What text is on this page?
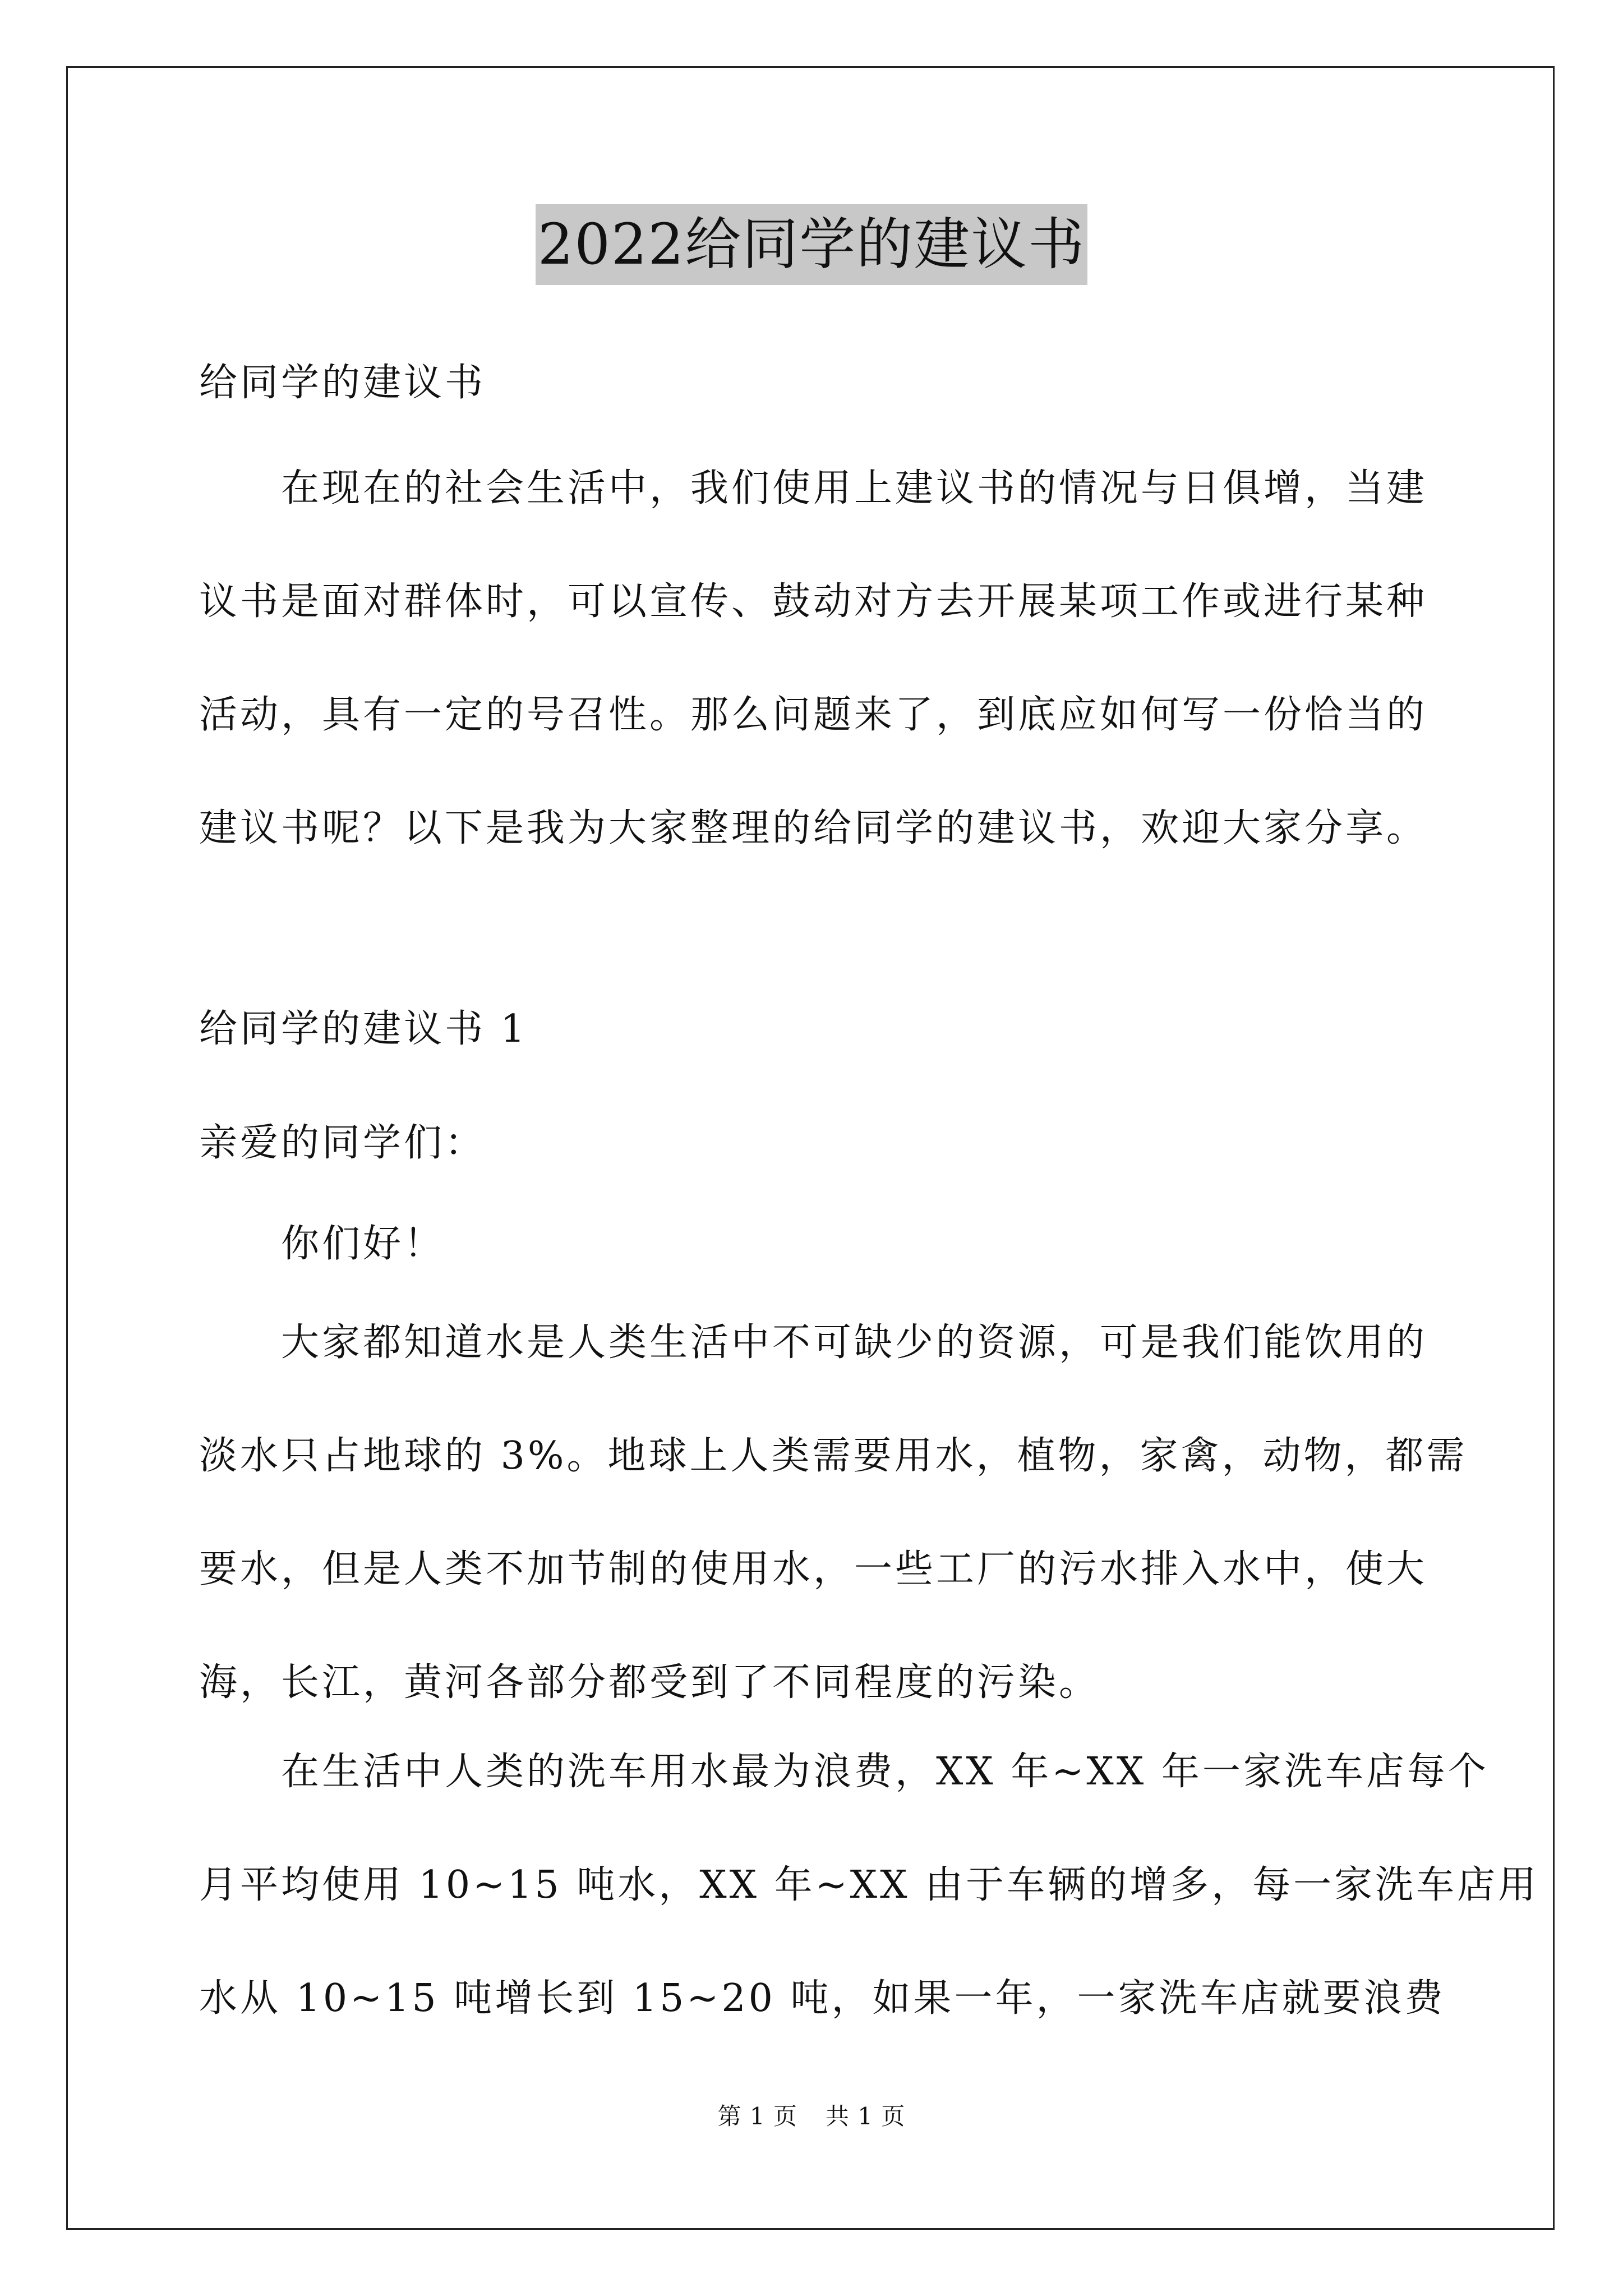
2022给同学的建议书
给同学的建议书
在现在的社会生活中，我们使用上建议书的情况与日俱增，当建
议书是面对群体时，可以宣传、鼓动对方去开展某项工作或进行某种
活动，具有一定的号召性。那么问题来了，到底应如何写一份恰当的
建议书呢？以下是我为大家整理的给同学的建议书，欢迎大家分享。
给同学的建议书 1
亲爱的同学们：
你们好！
大家都知道水是人类生活中不可缺少的资源，可是我们能饮用的
淡水只占地球的 3%。地球上人类需要用水，植物，家禽，动物，都需
要水，但是人类不加节制的使用水，一些工厂的污水排入水中，使大
海，长江，黄河各部分都受到了不同程度的污染。
在生活中人类的洗车用水最为浪费，XX 年~XX 年一家洗车店每个
月平均使用 10~15 吨水，XX 年~XX 由于车辆的增多，每一家洗车店用
水从 10~15 吨增长到 15~20 吨，如果一年，一家洗车店就要浪费
第 1 页 共 1 页
